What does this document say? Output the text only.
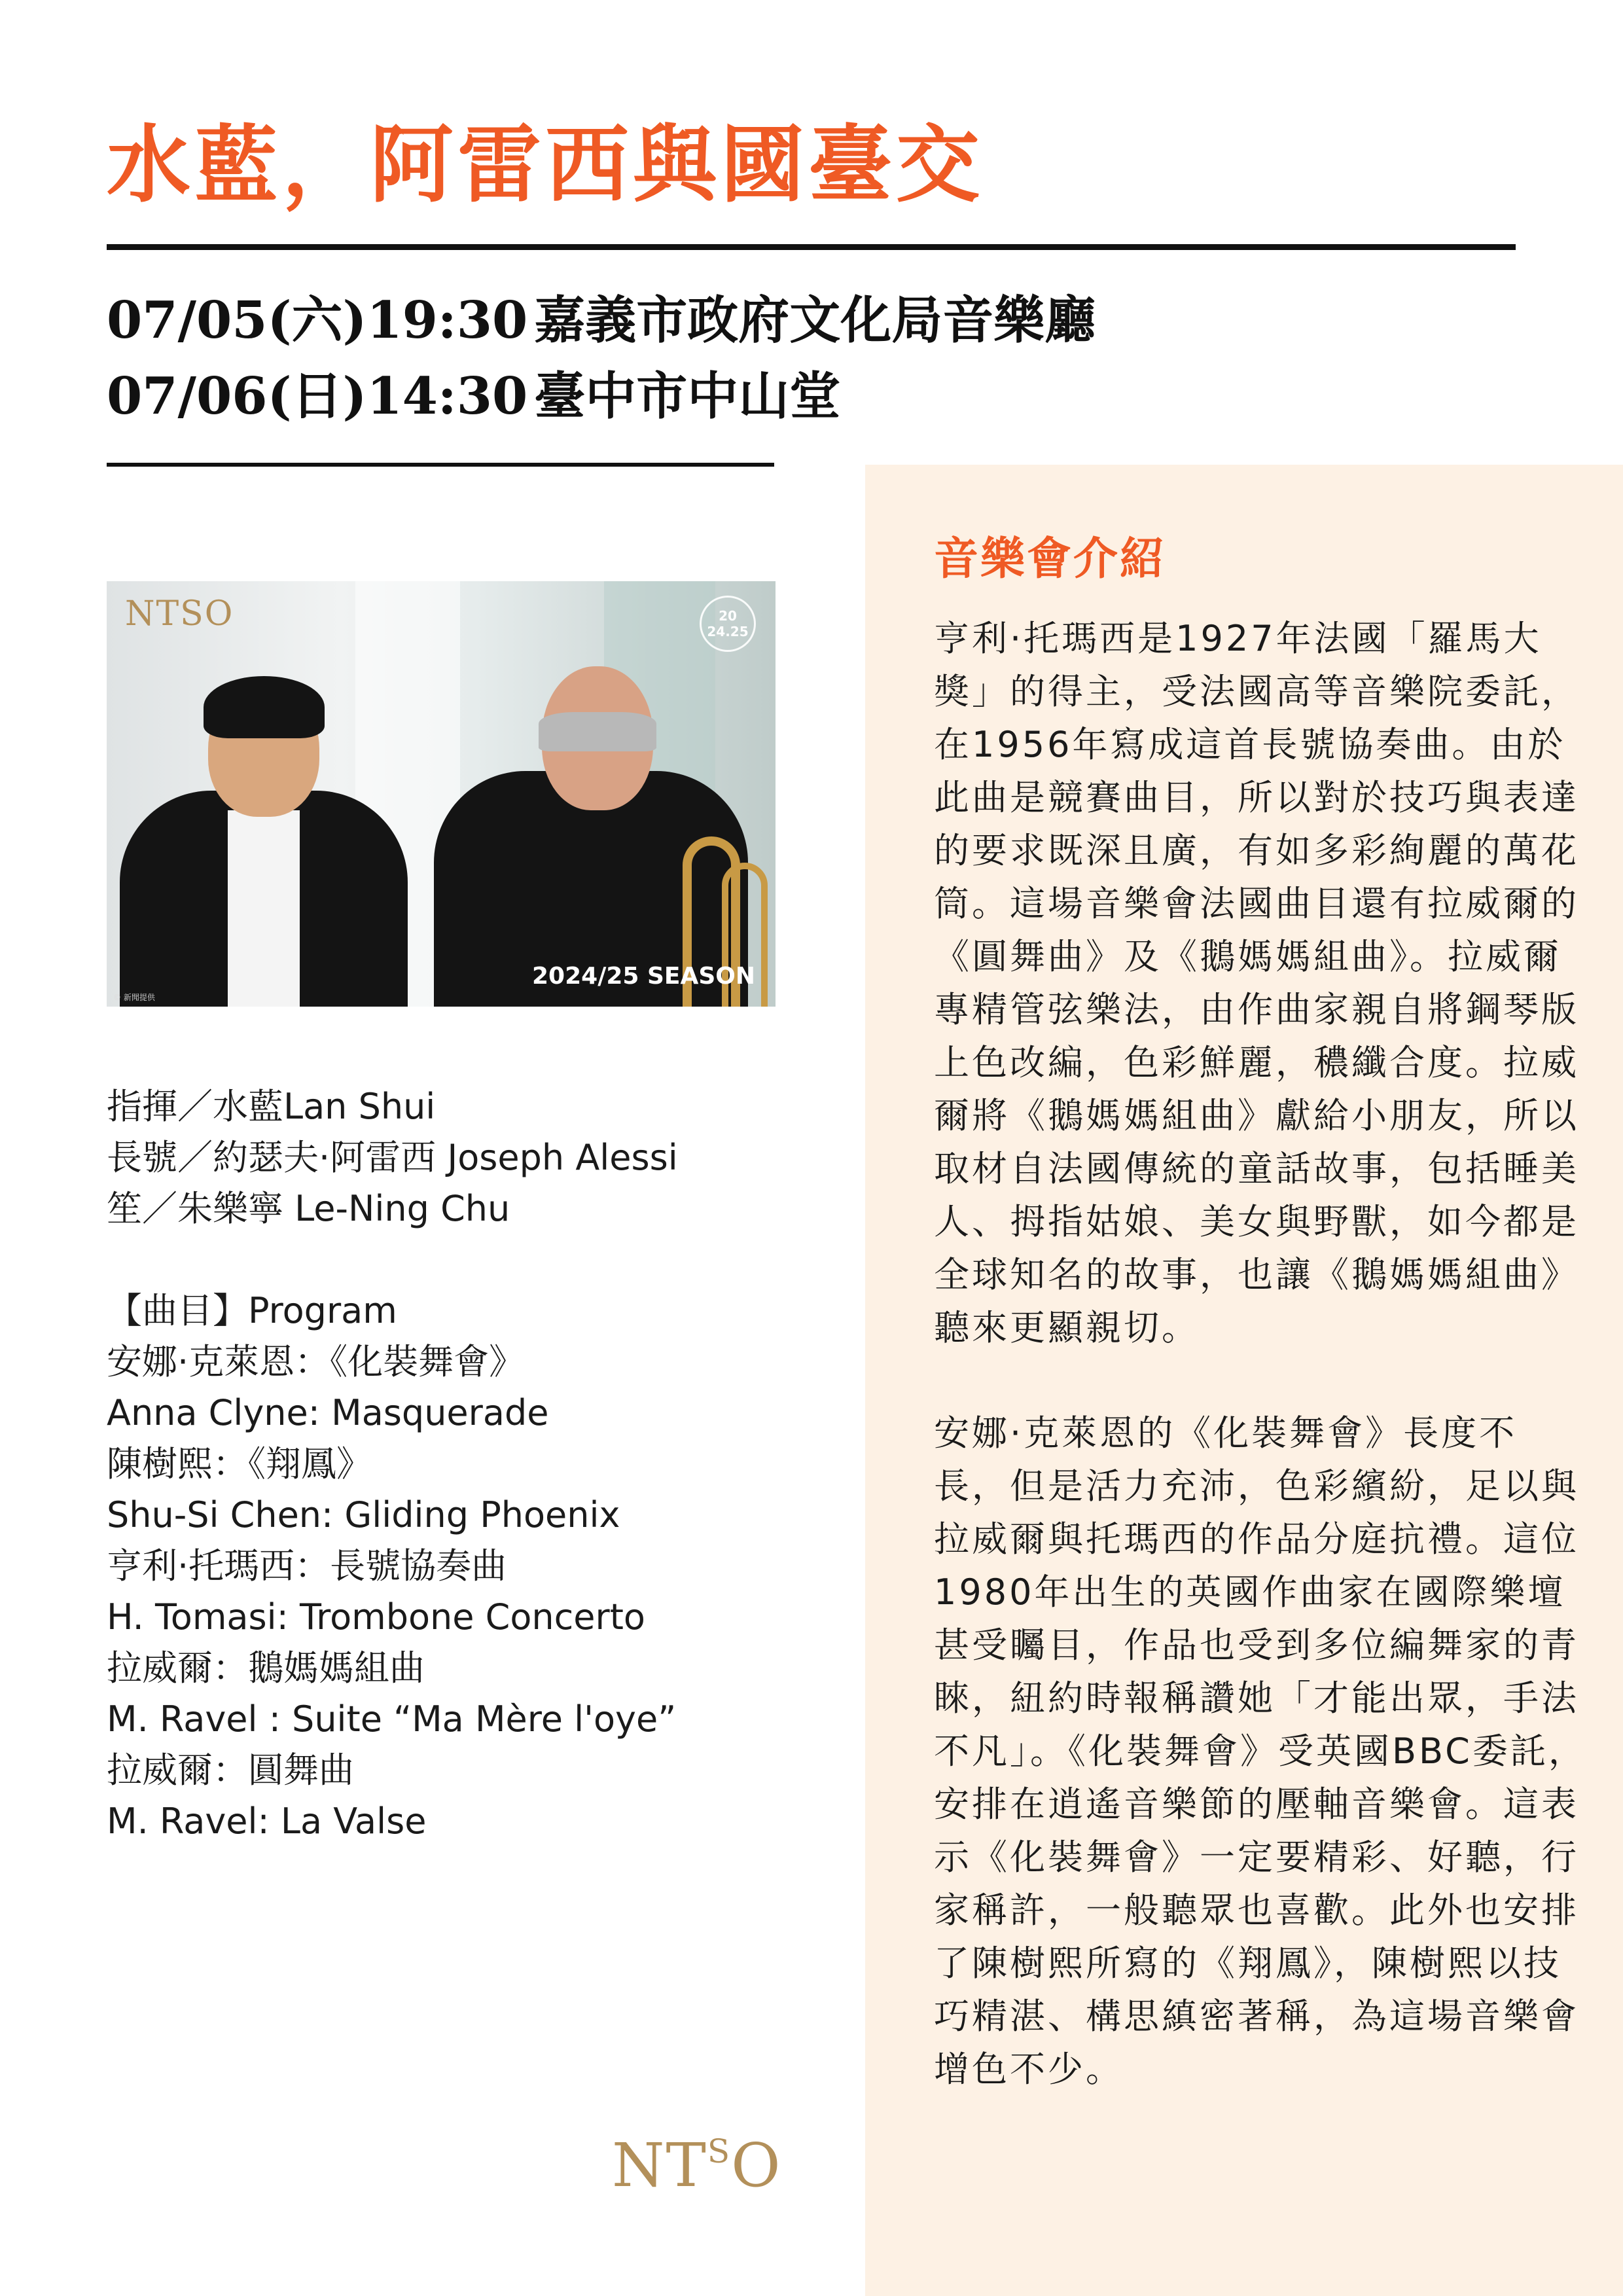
水藍，阿雷西與國臺交
07/05(六)19:30 嘉義市政府文化局音樂廳
07/06(日)14:30 臺中市中山堂
NTSO	20 24.25
2024/25 SEASON
© 新聞提供
指揮／水藍Lan Shui
長號／約瑟夫·阿雷西 Joseph Alessi
笙／朱樂寧 Le-Ning Chu
【曲目】Program
安娜·克萊恩：《化裝舞會》
Anna Clyne: Masquerade
陳樹熙：《翔鳳》
Shu-Si Chen: Gliding Phoenix
亨利·托瑪西：長號協奏曲
H. Tomasi: Trombone Concerto
拉威爾：鵝媽媽組曲
M. Ravel : Suite “Ma Mère l'oye”
拉威爾：圓舞曲
M. Ravel: La Valse
$NT^SO$
音樂會介紹

亨利·托瑪西是1927年法國「羅馬大獎」的得主，受法國高等音樂院委託，在1956年寫成這首長號協奏曲。由於此曲是競賽曲目，所以對於技巧與表達的要求既深且廣，有如多彩絢麗的萬花筒。這場音樂會法國曲目還有拉威爾的《圓舞曲》及《鵝媽媽組曲》。拉威爾專精管弦樂法，由作曲家親自將鋼琴版上色改編，色彩鮮麗，穠纖合度。拉威爾將《鵝媽媽組曲》獻給小朋友，所以取材自法國傳統的童話故事，包括睡美人、拇指姑娘、美女與野獸，如今都是全球知名的故事，也讓《鵝媽媽組曲》聽來更顯親切。

安娜·克萊恩的《化裝舞會》長度不長，但是活力充沛，色彩繽紛，足以與拉威爾與托瑪西的作品分庭抗禮。這位1980年出生的英國作曲家在國際樂壇甚受矚目，作品也受到多位編舞家的青睞，紐約時報稱讚她「才能出眾，手法不凡」。《化裝舞會》受英國BBC委託，安排在逍遙音樂節的壓軸音樂會。這表示《化裝舞會》一定要精彩、好聽，行家稱許，一般聽眾也喜歡。此外也安排了陳樹熙所寫的《翔鳳》，陳樹熙以技巧精湛、構思縝密著稱，為這場音樂會增色不少。
